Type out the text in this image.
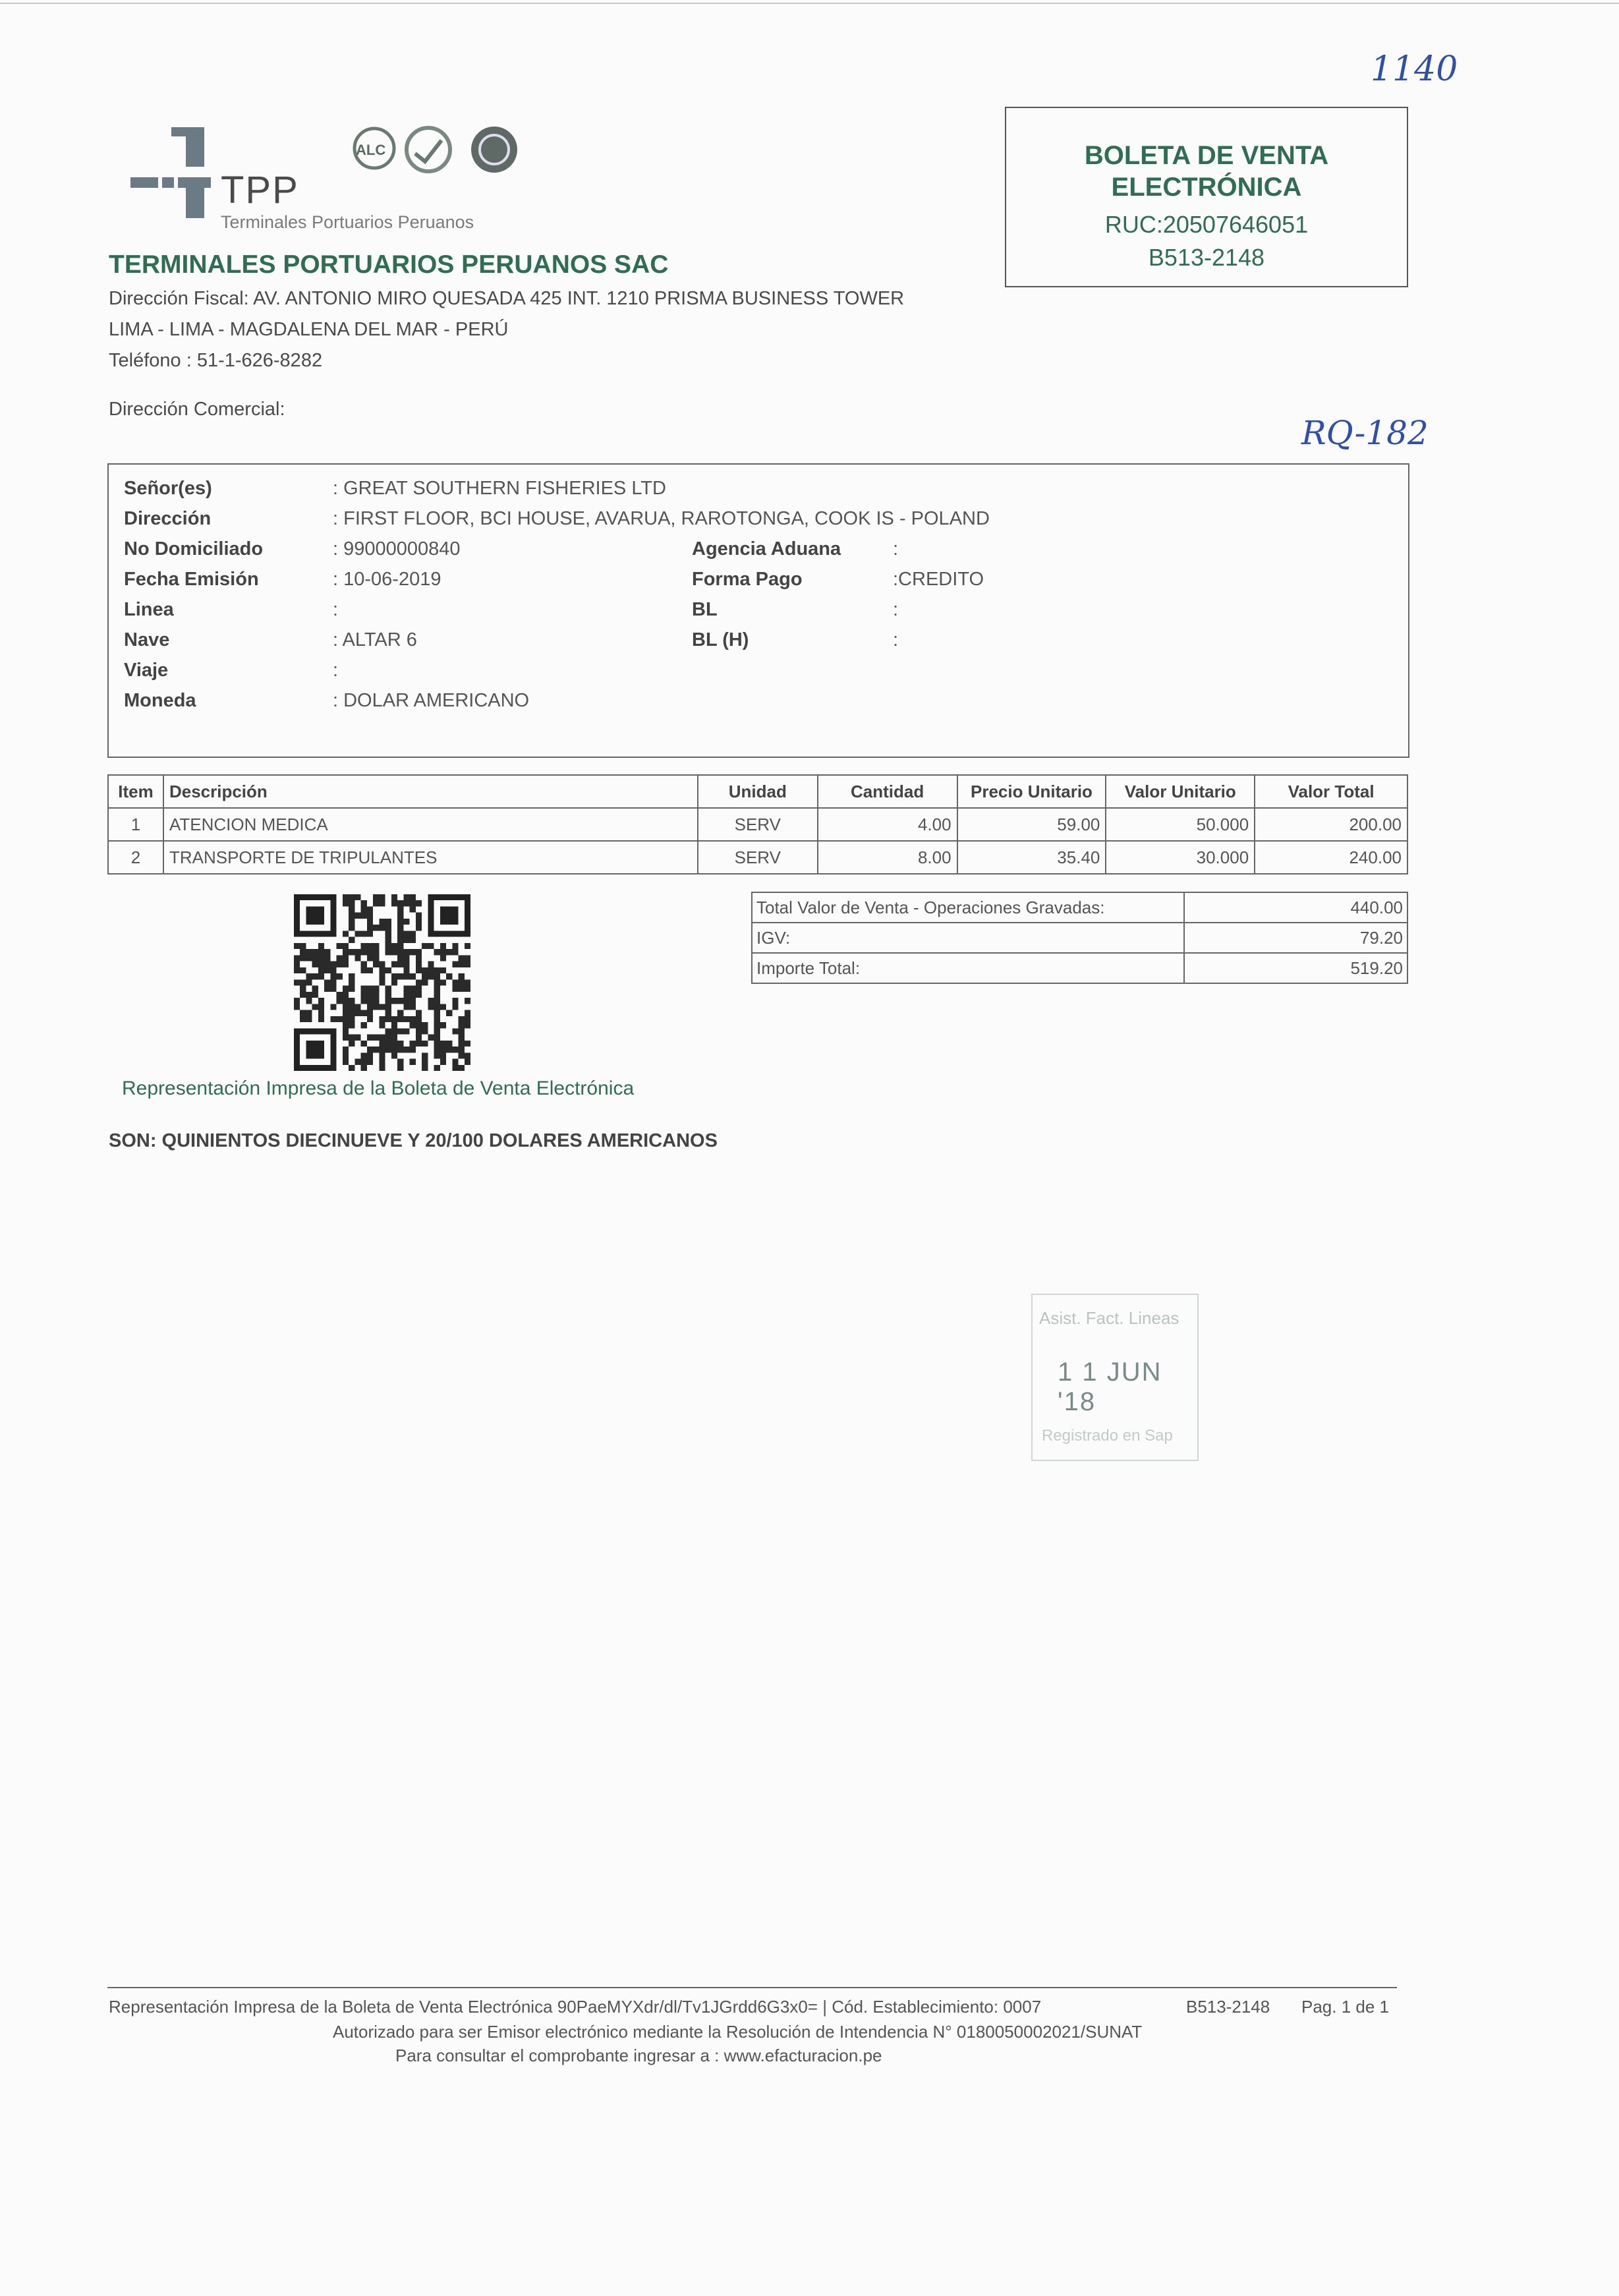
1140
RQ-182
ALC
TPP
Terminales Portuarios Peruanos
TERMINALES PORTUARIOS PERUANOS SAC
Dirección Fiscal: AV. ANTONIO MIRO QUESADA 425 INT. 1210 PRISMA BUSINESS TOWER
LIMA - LIMA - MAGDALENA DEL MAR - PERÚ
Teléfono : 51-1-626-8282
Dirección Comercial:
BOLETA DE VENTA
ELECTRÓNICA
RUC:20507646051
B513-2148
Señor(es)	: GREAT SOUTHERN FISHERIES LTD
Dirección	: FIRST FLOOR, BCI HOUSE, AVARUA, RAROTONGA, COOK IS - POLAND
No Domiciliado	: 99000000840	Agencia Aduana	:
Fecha Emisión	: 10-06-2019	Forma Pago	:CREDITO
Linea	:	BL	:
Nave	: ALTAR 6	BL (H)	:
Viaje	:
Moneda	: DOLAR AMERICANO
Item	Descripción	Unidad	Cantidad	Precio Unitario	Valor Unitario	Valor Total
1	ATENCION MEDICA	SERV	4.00	59.00	50.000	200.00
2	TRANSPORTE DE TRIPULANTES	SERV	8.00	35.40	30.000	240.00
Total Valor de Venta - Operaciones Gravadas:	440.00
IGV:	79.20
Importe Total:	519.20
Representación Impresa de la Boleta de Venta Electrónica
SON: QUINIENTOS DIECINUEVE Y 20/100 DOLARES AMERICANOS
Asist. Fact. Lineas
1 1 JUN '18
Registrado en Sap
Representación Impresa de la Boleta de Venta Electrónica 90PaeMYXdr/dl/Tv1JGrdd6G3x0= | Cód. Establecimiento: 0007	B513-2148 Pag. 1 de 1
Autorizado para ser Emisor electrónico mediante la Resolución de Intendencia N° 0180050002021/SUNAT
Para consultar el comprobante ingresar a : www.efacturacion.pe
